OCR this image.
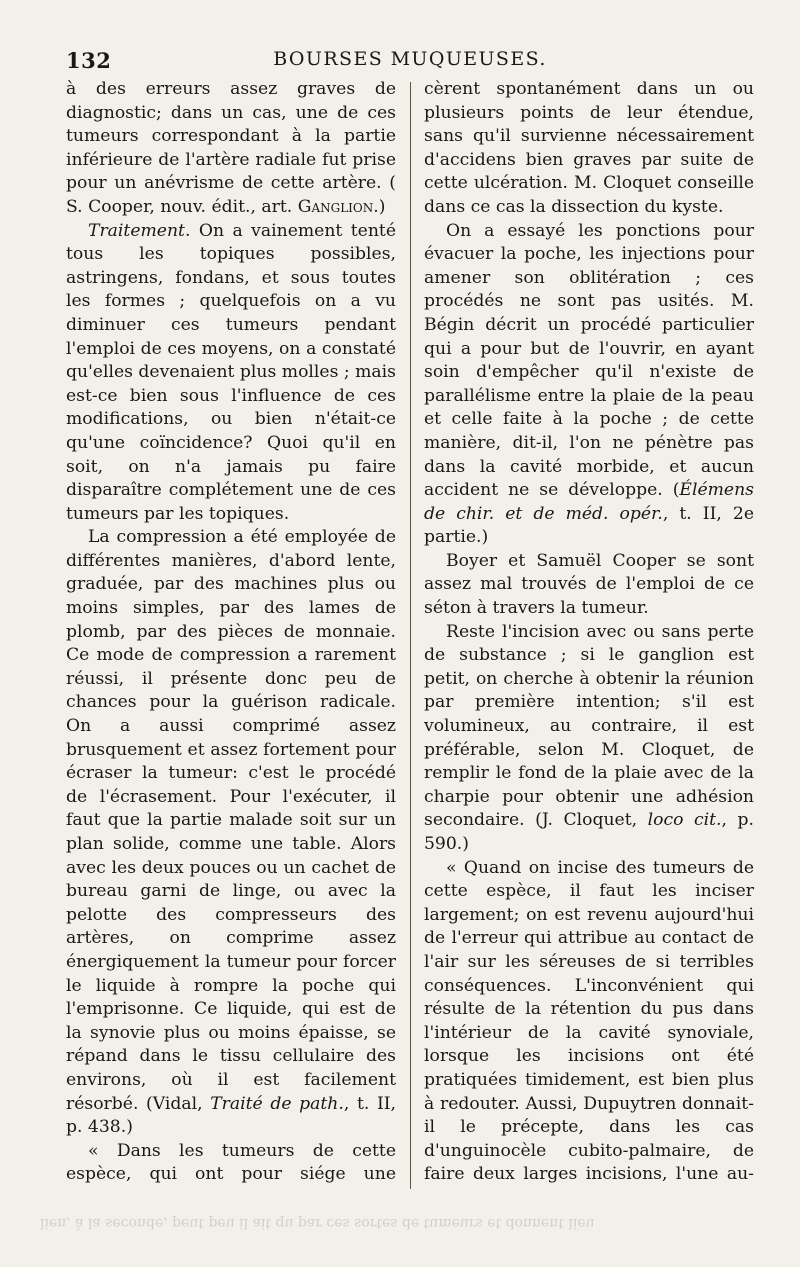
132	BOURSES MUQUEUSES.

à des erreurs assez graves de diagnostic; dans un cas, une de ces tumeurs correspondant à la partie inférieure de l'artère radiale fut prise pour un anévrisme de cette artère. ( S. Cooper, nouv. édit., art. Ganglion.)

Traitement. On a vainement tenté tous les topiques possibles, astringens, fondans, et sous toutes les formes ; quelquefois on a vu diminuer ces tumeurs pendant l'emploi de ces moyens, on a constaté qu'elles devenaient plus molles ; mais est-ce bien sous l'influence de ces modifications, ou bien n'était-ce qu'une coïncidence? Quoi qu'il en soit, on n'a jamais pu faire disparaître complétement une de ces tumeurs par les topiques.

La compression a été employée de différentes manières, d'abord lente, graduée, par des machines plus ou moins simples, par des lames de plomb, par des pièces de monnaie. Ce mode de compression a rarement réussi, il présente donc peu de chances pour la guérison radicale. On a aussi comprimé assez brusquement et assez fortement pour écraser la tumeur: c'est le procédé de l'écrasement. Pour l'exécuter, il faut que la partie malade soit sur un plan solide, comme une table. Alors avec les deux pouces ou un cachet de bureau garni de linge, ou avec la pelotte des compresseurs des artères, on comprime assez énergiquement la tumeur pour forcer le liquide à rompre la poche qui l'emprisonne. Ce liquide, qui est de la synovie plus ou moins épaisse, se répand dans le tissu cellulaire des environs, où il est facilement résorbé. (Vidal, Traité de path., t. II, p. 438.)

« Dans les tumeurs de cette espèce, qui ont pour siége une

cèrent spontanément dans un ou plusieurs points de leur étendue, sans qu'il survienne nécessairement d'accidens bien graves par suite de cette ulcération. M. Cloquet conseille dans ce cas la dissection du kyste.

On a essayé les ponctions pour évacuer la poche, les injections pour amener son oblitération ; ces procédés ne sont pas usités. M. Bégin décrit un procédé particulier qui a pour but de l'ouvrir, en ayant soin d'empêcher qu'il n'existe de parallélisme entre la plaie de la peau et celle faite à la poche ; de cette manière, dit-il, l'on ne pénètre pas dans la cavité morbide, et aucun accident ne se développe. (Élémens de chir. et de méd. opér., t. II, 2e partie.)

Boyer et Samuël Cooper se sont assez mal trouvés de l'emploi de ce séton à travers la tumeur.

Reste l'incision avec ou sans perte de substance ; si le ganglion est petit, on cherche à obtenir la réunion par première intention; s'il est volumineux, au contraire, il est préférable, selon M. Cloquet, de remplir le fond de la plaie avec de la charpie pour obtenir une adhésion secondaire. (J. Cloquet, loco cit., p. 590.)

« Quand on incise des tumeurs de cette espèce, il faut les inciser largement; on est revenu aujourd'hui de l'erreur qui attribue au contact de l'air sur les séreuses de si terribles conséquences. L'inconvénient qui résulte de la rétention du pus dans l'intérieur de la cavité synoviale, lorsque les incisions ont été pratiquées timidement, est bien plus à redouter. Aussi, Dupuytren donnait-il le précepte, dans les cas d'unguinocèle cubito-palmaire, de faire deux larges incisions, l'une au-

lien, à la seconde, peut peu il ait qu par ces sortes de tumeurs et donnent lieu
